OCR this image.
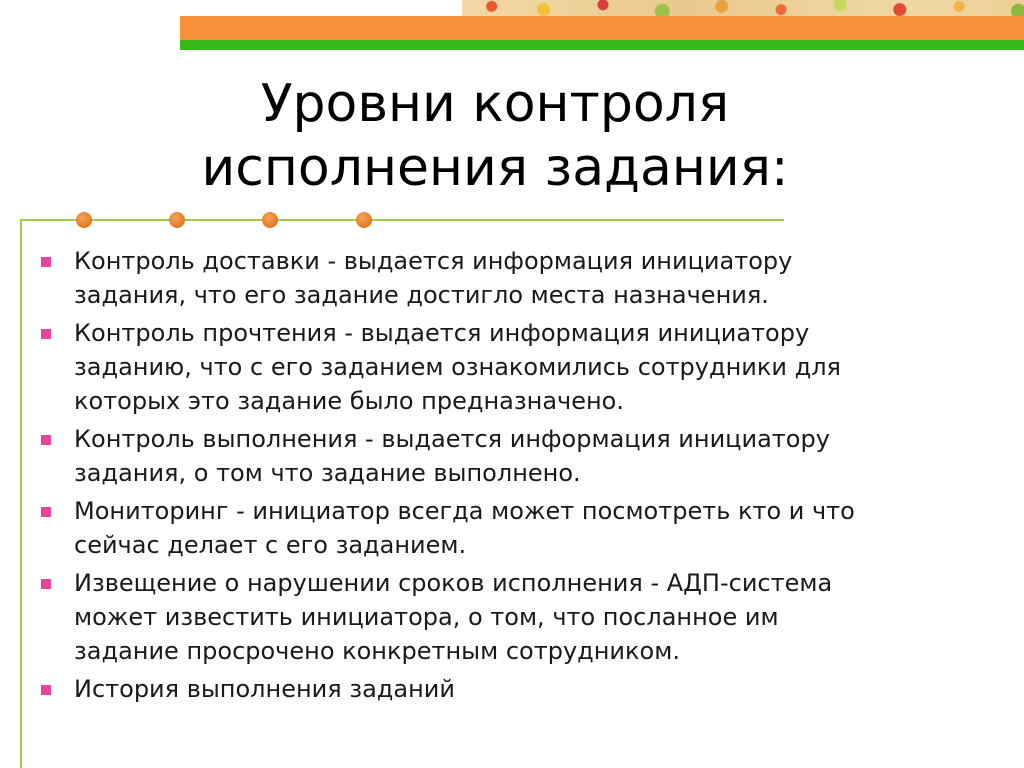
Уровни контроля
исполнения задания:
Контроль доставки - выдается информация инициатору
задания, что его задание достигло места назначения.
Контроль прочтения - выдается информация инициатору
заданию, что с его заданием ознакомились сотрудники для
которых это задание было предназначено.
Контроль выполнения - выдается информация инициатору
задания, о том что задание выполнено.
Мониторинг - инициатор всегда может посмотреть кто и что
сейчас делает с его заданием.
Извещение о нарушении сроков исполнения - АДП-система
может известить инициатора, о том, что посланное им
задание просрочено конкретным сотрудником.
История выполнения заданий
